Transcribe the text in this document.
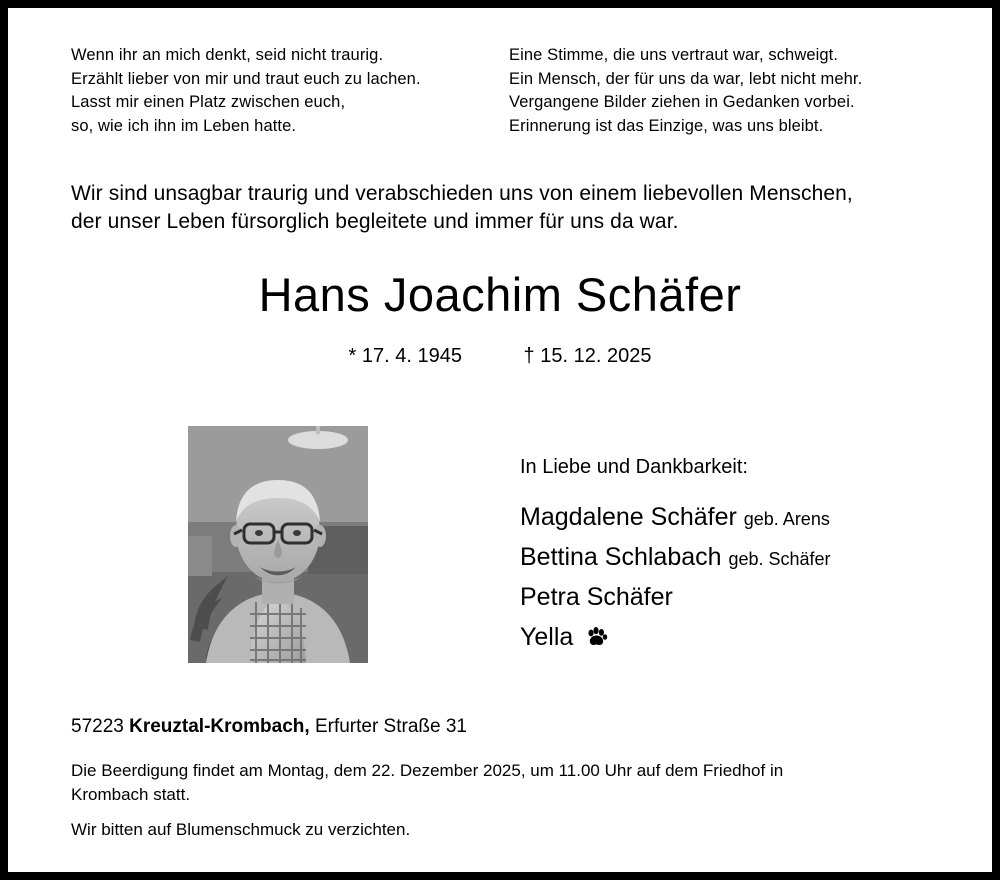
Wenn ihr an mich denkt, seid nicht traurig.
Erzählt lieber von mir und traut euch zu lachen.
Lasst mir einen Platz zwischen euch,
so, wie ich ihn im Leben hatte.
Eine Stimme, die uns vertraut war, schweigt.
Ein Mensch, der für uns da war, lebt nicht mehr.
Vergangene Bilder ziehen in Gedanken vorbei.
Erinnerung ist das Einzige, was uns bleibt.
Wir sind unsagbar traurig und verabschieden uns von einem liebevollen Menschen,
der unser Leben fürsorglich begleitete und immer für uns da war.
Hans Joachim Schäfer
* 17. 4. 1945	† 15. 12. 2025
In Liebe und Dankbarkeit:
Magdalene Schäfer geb. Arens
Bettina Schlabach geb. Schäfer
Petra Schäfer
Yella
57223 Kreuztal-Krombach, Erfurter Straße 31
Die Beerdigung findet am Montag, dem 22. Dezember 2025, um 11.00 Uhr auf dem Friedhof in
Krombach statt.
Wir bitten auf Blumenschmuck zu verzichten.
